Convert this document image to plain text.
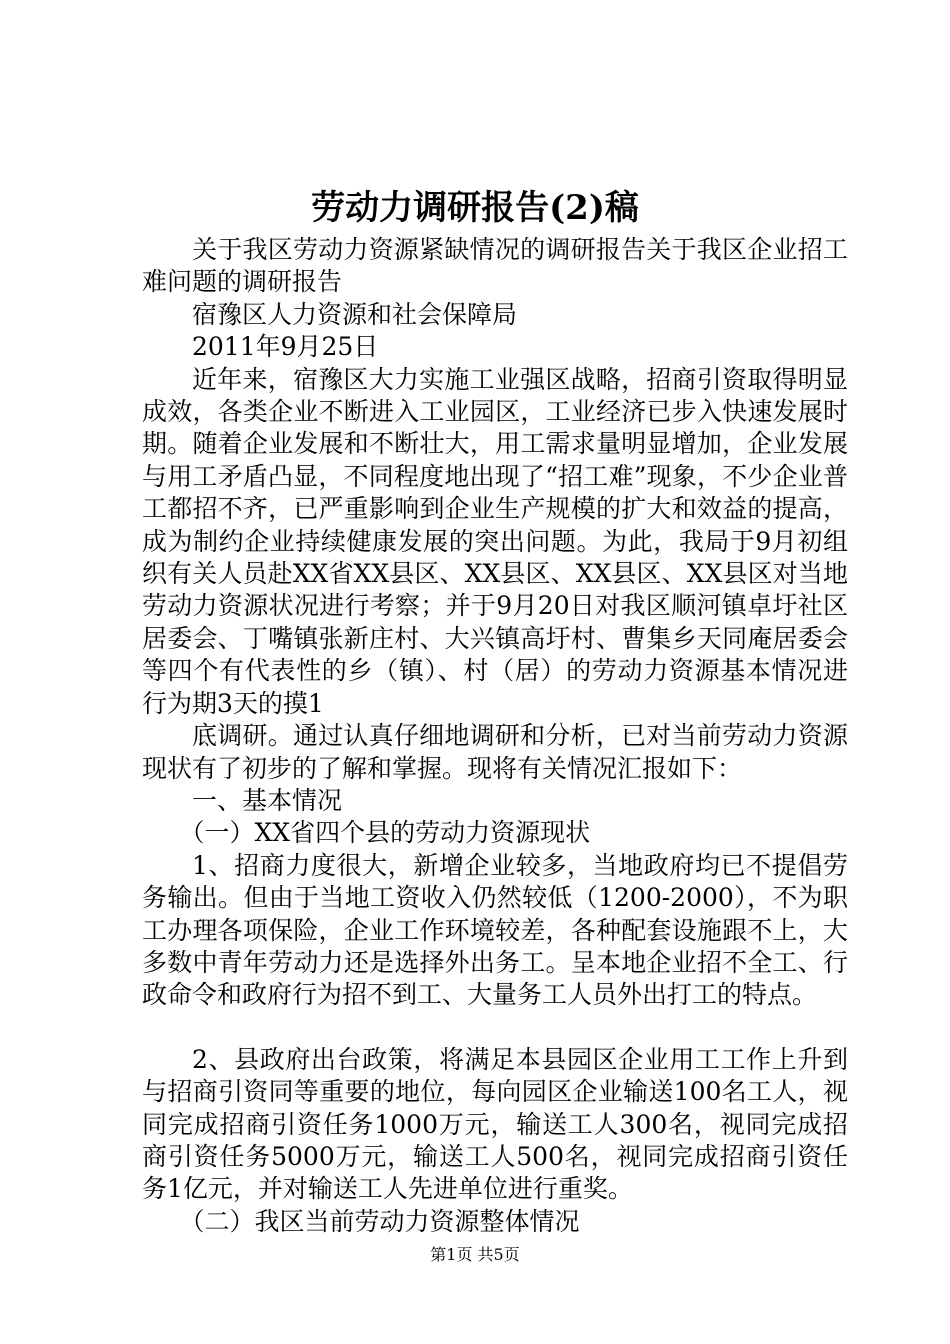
劳动力调研报告(2)稿

关于我区劳动力资源紧缺情况的调研报告关于我区企业招工难问题的调研报告

宿豫区人力资源和社会保障局

2011年9月25日

近年来，宿豫区大力实施工业强区战略，招商引资取得明显成效，各类企业不断进入工业园区，工业经济已步入快速发展时期。随着企业发展和不断壮大，用工需求量明显增加，企业发展与用工矛盾凸显，不同程度地出现了“招工难”现象，不少企业普工都招不齐，已严重影响到企业生产规模的扩大和效益的提高，成为制约企业持续健康发展的突出问题。为此，我局于9月初组织有关人员赴XX省XX县区、XX县区、XX县区、XX县区对当地劳动力资源状况进行考察；并于9月20日对我区顺河镇卓圩社区居委会、丁嘴镇张新庄村、大兴镇高圩村、曹集乡天同庵居委会等四个有代表性的乡（镇）、村（居）的劳动力资源基本情况进行为期3天的摸1

底调研。通过认真仔细地调研和分析，已对当前劳动力资源现状有了初步的了解和掌握。现将有关情况汇报如下：

一、基本情况

（一）XX省四个县的劳动力资源现状

1、招商力度很大，新增企业较多，当地政府均已不提倡劳务输出。但由于当地工资收入仍然较低（1200-2000），不为职工办理各项保险，企业工作环境较差，各种配套设施跟不上，大多数中青年劳动力还是选择外出务工。呈本地企业招不全工、行政命令和政府行为招不到工、大量务工人员外出打工的特点。

2、县政府出台政策，将满足本县园区企业用工工作上升到与招商引资同等重要的地位，每向园区企业输送100名工人，视同完成招商引资任务1000万元，输送工人300名，视同完成招商引资任务5000万元，输送工人500名，视同完成招商引资任务1亿元，并对输送工人先进单位进行重奖。

（二）我区当前劳动力资源整体情况

第1页 共5页
